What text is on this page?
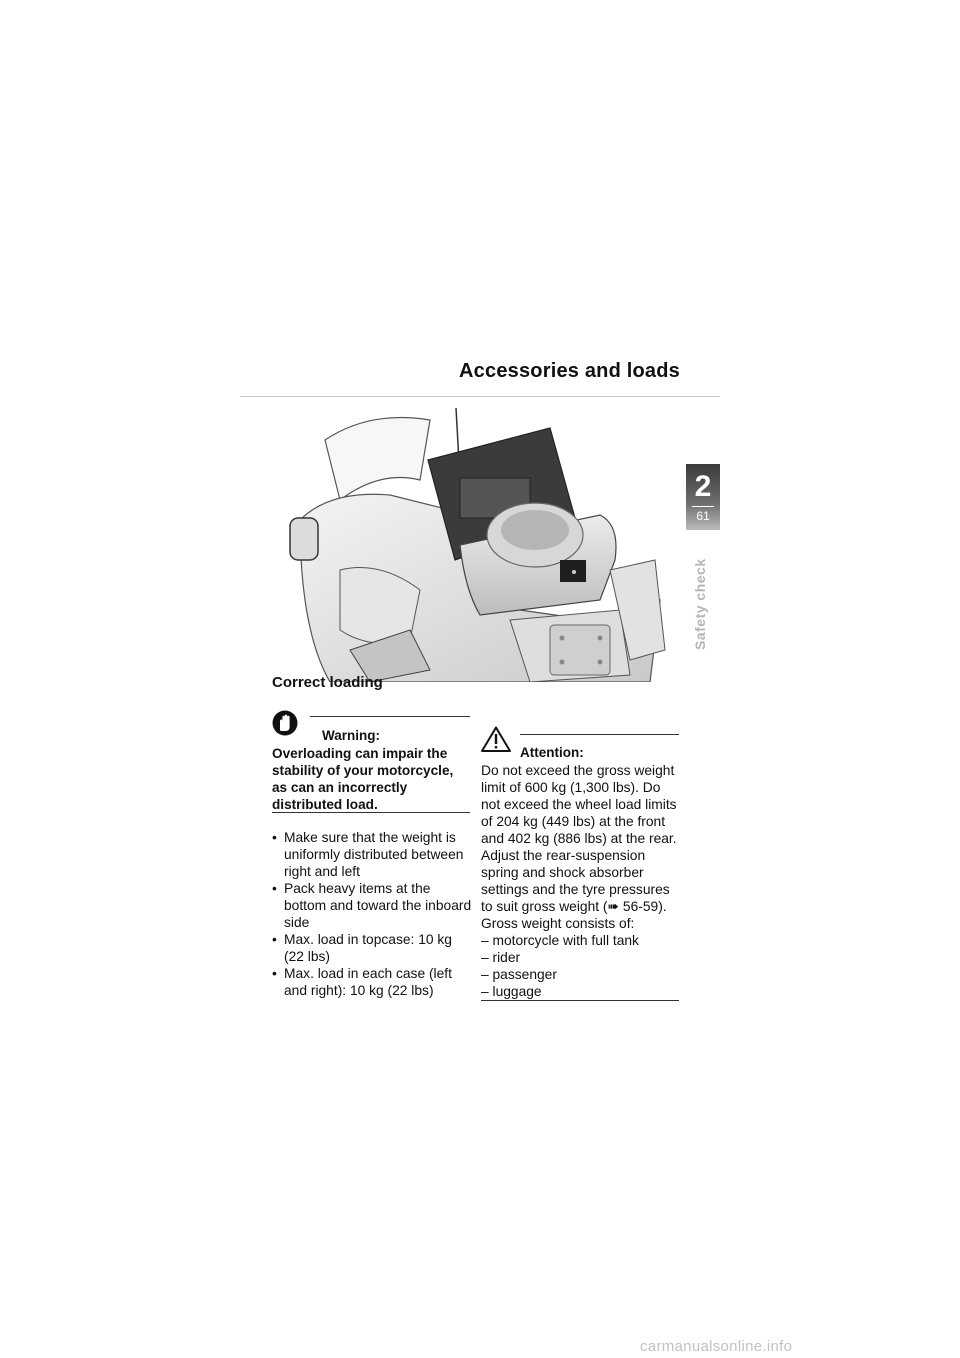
Accessories and loads
2
61
Safety check
Correct loading
Warning:
Overloading can impair the stability of your motorcycle, as can an incorrectly distributed load.
• Make sure that the weight is uniformly distributed between right and left
• Pack heavy items at the bottom and toward the inboard side
• Max. load in topcase: 10 kg (22 lbs)
• Max. load in each case (left and right): 10 kg (22 lbs)
Attention:
Do not exceed the gross weight limit of 600 kg (1,300 lbs). Do not exceed the wheel load limits of 204 kg (449 lbs) at the front and 402 kg (886 lbs) at the rear. Adjust the rear-suspension spring and shock absorber settings and the tyre pressures to suit gross weight (➠ 56-59). Gross weight consists of:
– motorcycle with full tank
– rider
– passenger
– luggage
carmanualsonline.info
